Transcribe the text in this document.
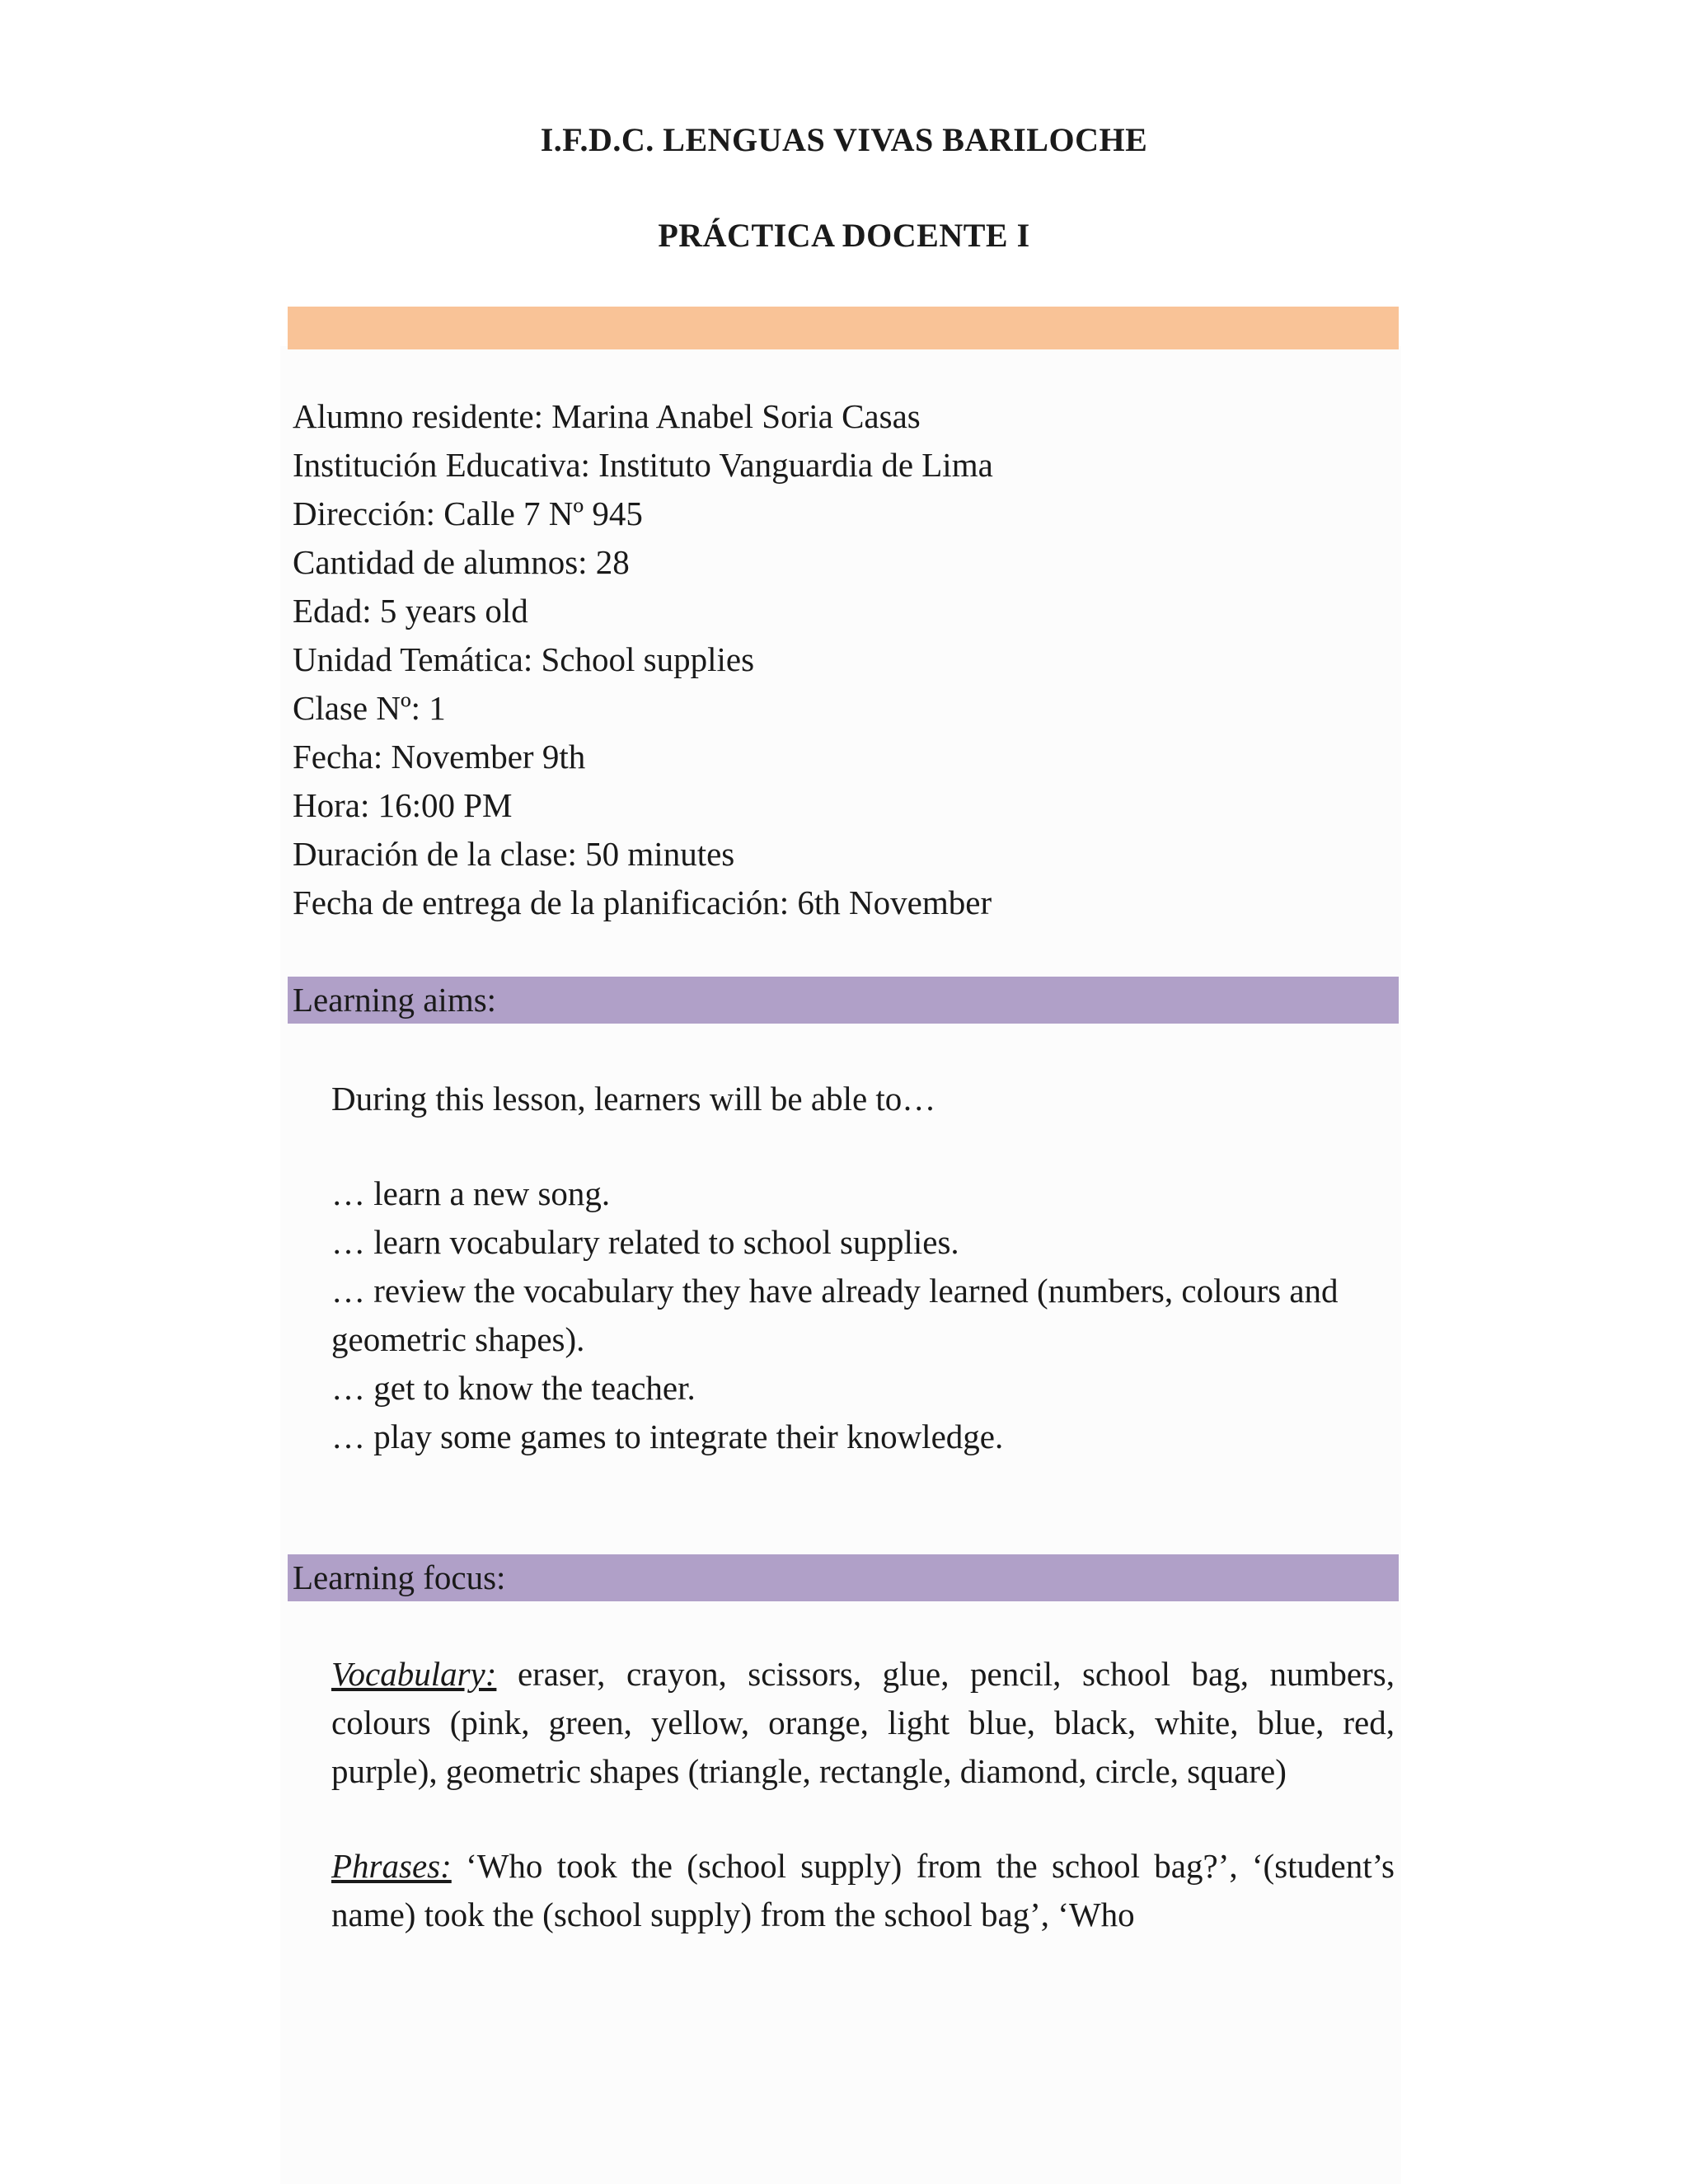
I.F.D.C. LENGUAS VIVAS BARILOCHE
PRÁCTICA DOCENTE I
Alumno residente: Marina Anabel Soria Casas
Institución Educativa: Instituto Vanguardia de Lima
Dirección: Calle 7 Nº 945
Cantidad de alumnos: 28
Edad: 5 years old
Unidad Temática: School supplies
Clase Nº: 1
Fecha: November 9th
Hora: 16:00 PM
Duración de la clase: 50 minutes
Fecha de entrega de la planificación: 6th November
Learning aims:
During this lesson, learners will be able to…
… learn a new song.
… learn vocabulary related to school supplies.
… review the vocabulary they have already learned (numbers, colours and geometric shapes).
… get to know the teacher.
… play some games to integrate their knowledge.
Learning focus:

Vocabulary: eraser, crayon, scissors, glue, pencil, school bag, numbers, colours (pink, green, yellow, orange, light blue, black, white, blue, red, purple), geometric shapes (triangle, rectangle, diamond, circle, square)

Phrases: ‘Who took the (school supply) from the school bag?’, ‘(student’s name) took the (school supply) from the school bag’, ‘Who
